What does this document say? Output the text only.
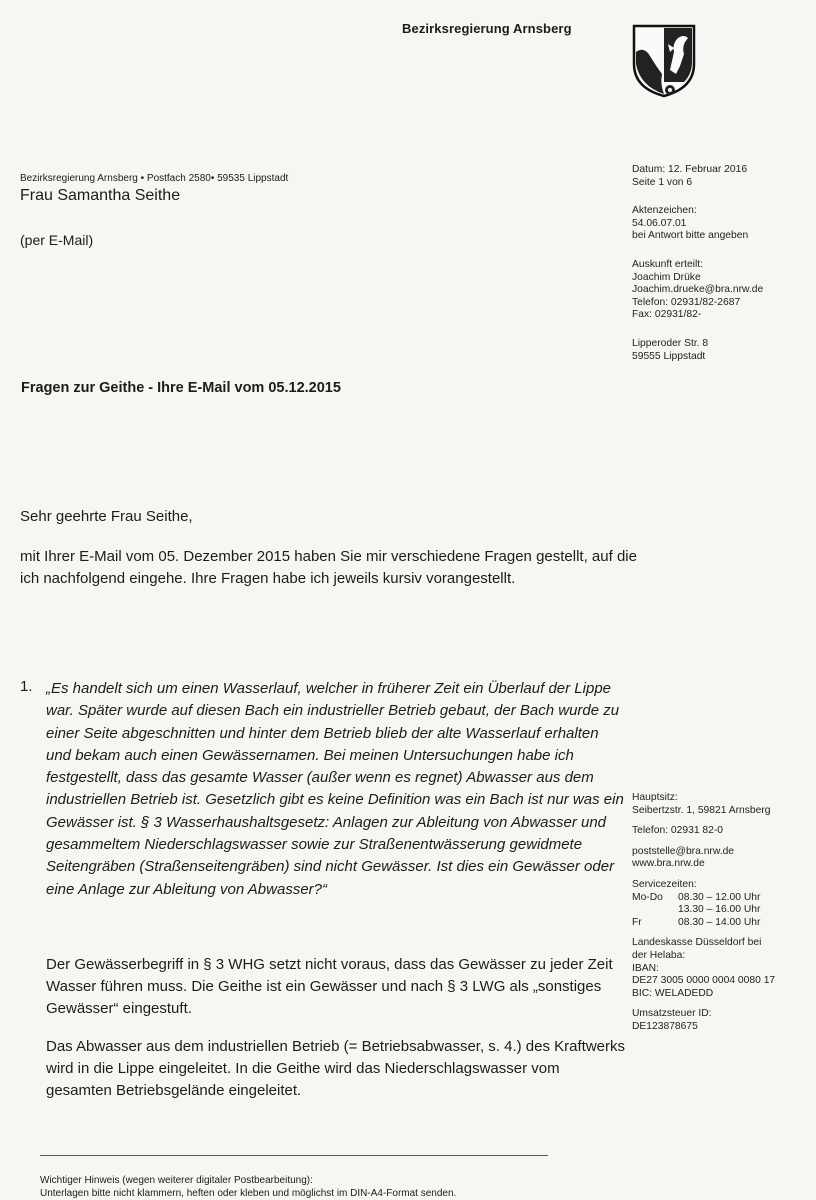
Bezirksregierung Arnsberg
Bezirksregierung Arnsberg • Postfach 2580• 59535 Lippstadt
Frau Samantha Seithe
(per E-Mail)
Datum: 12. Februar 2016
Seite 1 von 6
Aktenzeichen:
54.06.07.01
bei Antwort bitte angeben
Auskunft erteilt:
Joachim Drüke
Joachim.drueke@bra.nrw.de
Telefon: 02931/82-2687
Fax: 02931/82-
Lipperoder Str. 8
59555 Lippstadt
Hauptsitz:
Seibertzstr. 1, 59821 Arnsberg
Telefon: 02931 82-0
poststelle@bra.nrw.de
www.bra.nrw.de
Servicezeiten:
Mo-Do	08.30 – 12.00 Uhr
13.30 – 16.00 Uhr
Fr	08.30 – 14.00 Uhr
Landeskasse Düsseldorf bei
der Helaba:
IBAN:
DE27 3005 0000 0004 0080 17
BIC: WELADEDD
Umsatzsteuer ID:
DE123878675
Fragen zur Geithe - Ihre E-Mail vom 05.12.2015
Sehr geehrte Frau Seithe,
mit Ihrer E-Mail vom 05. Dezember 2015 haben Sie mir verschiedene Fragen gestellt, auf die ich nachfolgend eingehe. Ihre Fragen habe ich jeweils kursiv vorangestellt.
1. „Es handelt sich um einen Wasserlauf, welcher in früherer Zeit ein Überlauf der Lippe war. Später wurde auf diesen Bach ein industrieller Betrieb gebaut, der Bach wurde zu einer Seite abgeschnitten und hinter dem Betrieb blieb der alte Wasserlauf erhalten und bekam auch einen Gewässernamen. Bei meinen Untersuchungen habe ich festgestellt, dass das gesamte Wasser (außer wenn es regnet) Abwasser aus dem industriellen Betrieb ist. Gesetzlich gibt es keine Definition was ein Bach ist nur was ein Gewässer ist. § 3 Wasserhaushaltsgesetz: Anlagen zur Ableitung von Abwasser und gesammeltem Niederschlagswasser sowie zur Straßenentwässerung gewidmete Seitengräben (Straßenseitengräben) sind nicht Gewässer. Ist dies ein Gewässer oder eine Anlage zur Ableitung von Abwasser?“
Der Gewässerbegriff in § 3 WHG setzt nicht voraus, dass das Gewässer zu jeder Zeit Wasser führen muss. Die Geithe ist ein Gewässer und nach § 3 LWG als „sonstiges Gewässer“ eingestuft.
Das Abwasser aus dem industriellen Betrieb (= Betriebsabwasser, s. 4.) des Kraftwerks wird in die Lippe eingeleitet. In die Geithe wird das Niederschlagswasser vom gesamten Betriebsgelände eingeleitet.
Wichtiger Hinweis (wegen weiterer digitaler Postbearbeitung):
Unterlagen bitte nicht klammern, heften oder kleben und möglichst im DIN-A4-Format senden.
